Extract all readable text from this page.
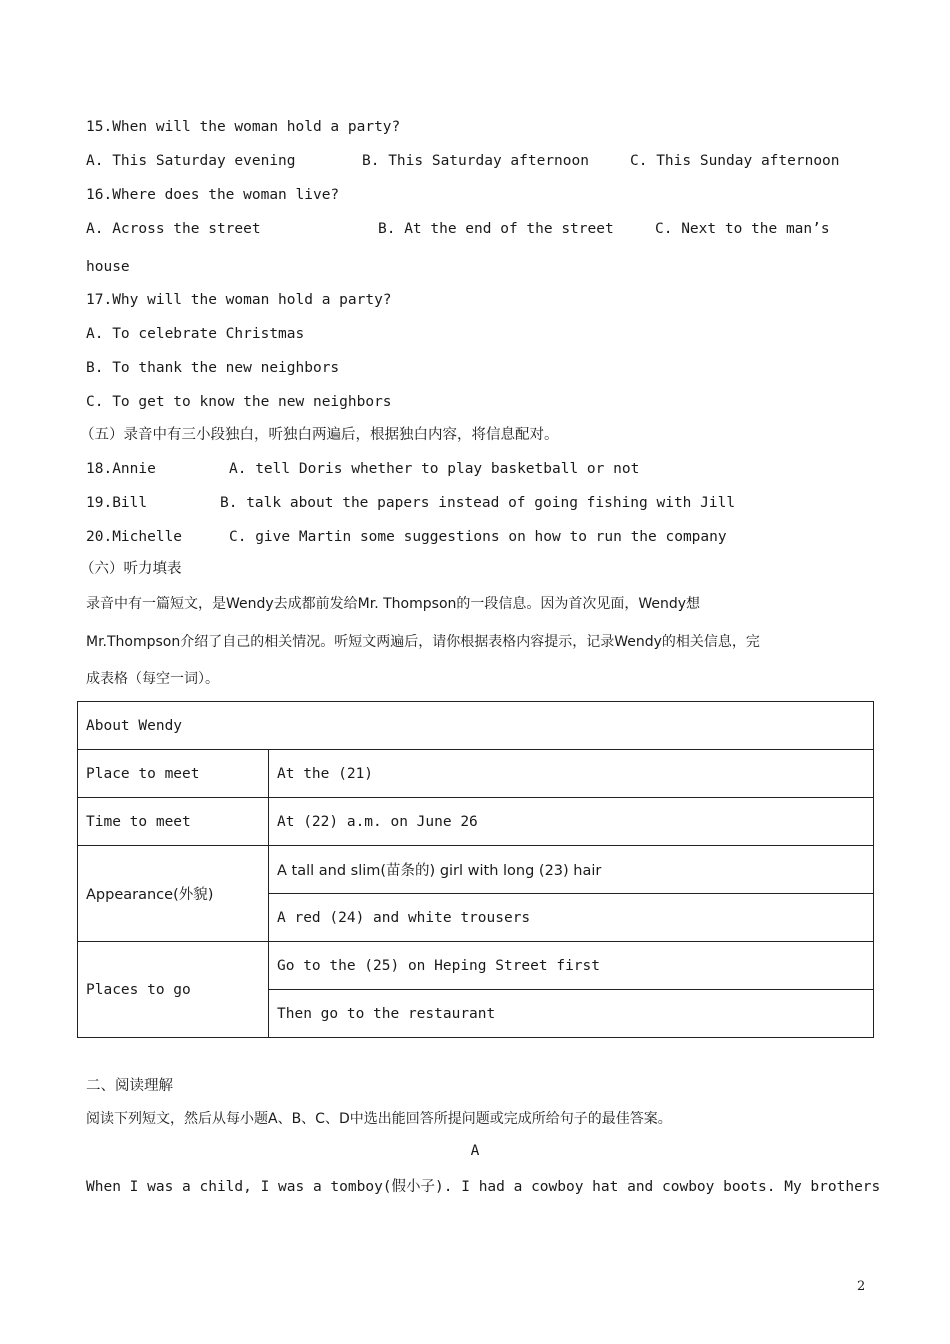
15.When will the woman hold a party?
A. This Saturday evening	B. This Saturday afternoon	C. This Sunday afternoon
16.Where does the woman live?
A. Across the street	B. At the end of the street	C. Next to the man’s
house
17.Why will the woman hold a party?
A. To celebrate Christmas
B. To thank the new neighbors
C. To get to know the new neighbors
（五）录音中有三小段独白，听独白两遍后，根据独白内容，将信息配对。
18.Annie	A. tell Doris whether to play basketball or not
19.Bill	B. talk about the papers instead of going fishing with Jill
20.Michelle	C. give Martin some suggestions on how to run the company
（六）听力填表
录音中有一篇短文，是Wendy去成都前发给Mr. Thompson的一段信息。因为首次见面，Wendy想
Mr.Thompson介绍了自己的相关情况。听短文两遍后，请你根据表格内容提示，记录Wendy的相关信息，完
成表格（每空一词）。
About Wendy	
Place to meet	At the (21)
Time to meet	At (22) a.m. on June 26
Appearance(外貌)	A tall and slim(苗条的) girl with long (23) hair
	A red (24) and white trousers
Places to go	Go to the (25) on Heping Street first
	Then go to the restaurant
二、阅读理解
阅读下列短文，然后从每小题A、B、C、D中选出能回答所提问题或完成所给句子的最佳答案。
A
When I was a child, I was a tomboy(假小子). I had a cowboy hat and cowboy boots. My brothers
2
